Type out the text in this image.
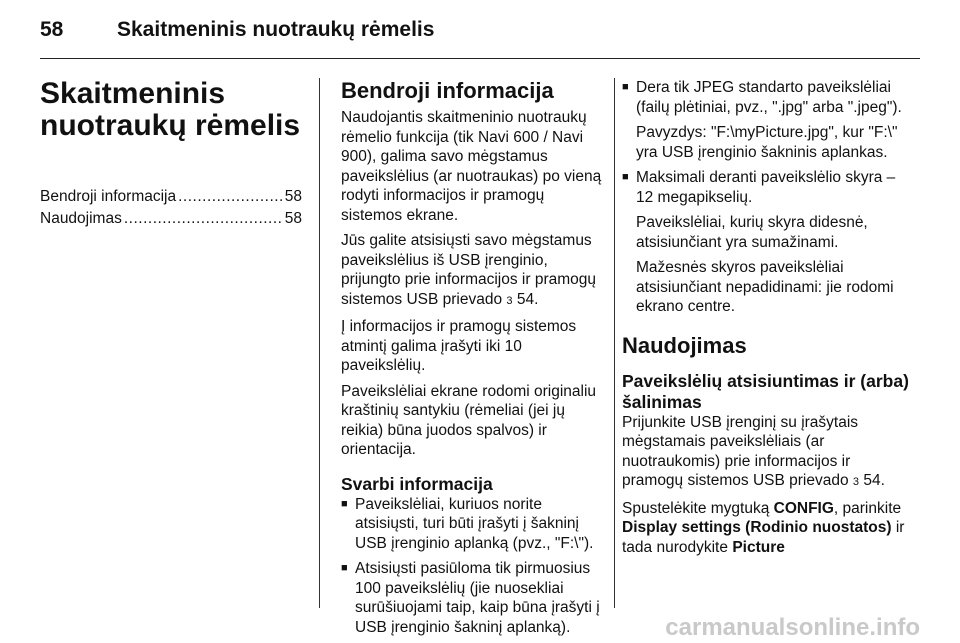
58	Skaitmeninis nuotraukų rėmelis
Skaitmeninis
nuotraukų rėmelis
Bendroji informacija .....	58
Naudojimas .....	58
Bendroji informacija

Naudojantis skaitmeninio nuotraukų rėmelio funkcija (tik Navi 600 / Navi 900), galima savo mėgstamus paveikslėlius (ar nuotraukas) po vieną rodyti informacijos ir pramogų sistemos ekrane.

Jūs galite atsisiųsti savo mėgstamus paveikslėlius iš USB įrenginio, prijungto prie informacijos ir pramogų sistemos USB prievado 3 54.

Į informacijos ir pramogų sistemos atmintį galima įrašyti iki 10 paveikslėlių.

Paveikslėliai ekrane rodomi originaliu kraštinių santykiu (rėmeliai (jei jų reikia) būna juodos spalvos) ir orientacija.

Svarbi informacija
■ Paveikslėliai, kuriuos norite atsisiųsti, turi būti įrašyti į šakninį USB įrenginio aplanką (pvz., "F:\").
■ Atsisiųsti pasiūloma tik pirmuosius 100 paveikslėlių (jie nuosekliai surūšiuojami taip, kaip būna įrašyti į USB įrenginio šakninį aplanką).
■ Dera tik JPEG standarto paveikslėliai (failų plėtiniai, pvz., ".jpg" arba ".jpeg").

Pavyzdys: "F:\myPicture.jpg", kur "F:\" yra USB įrenginio šakninis aplankas.

■ Maksimali deranti paveikslėlio skyra – 12 megapikselių.

Paveikslėliai, kurių skyra didesnė, atsisiunčiant yra sumažinami.

Mažesnės skyros paveikslėliai atsisiunčiant nepadidinami: jie rodomi ekrano centre.

Naudojimas
Paveikslėlių atsisiuntimas ir (arba) šalinimas

Prijunkite USB įrenginį su įrašytais mėgstamais paveikslėliais (ar nuotraukomis) prie informacijos ir pramogų sistemos USB prievado 3 54.

Spustelėkite mygtuką CONFIG, parinkite Display settings (Rodinio nuostatos) ir tada nurodykite Picture

carmanualsonline.info
